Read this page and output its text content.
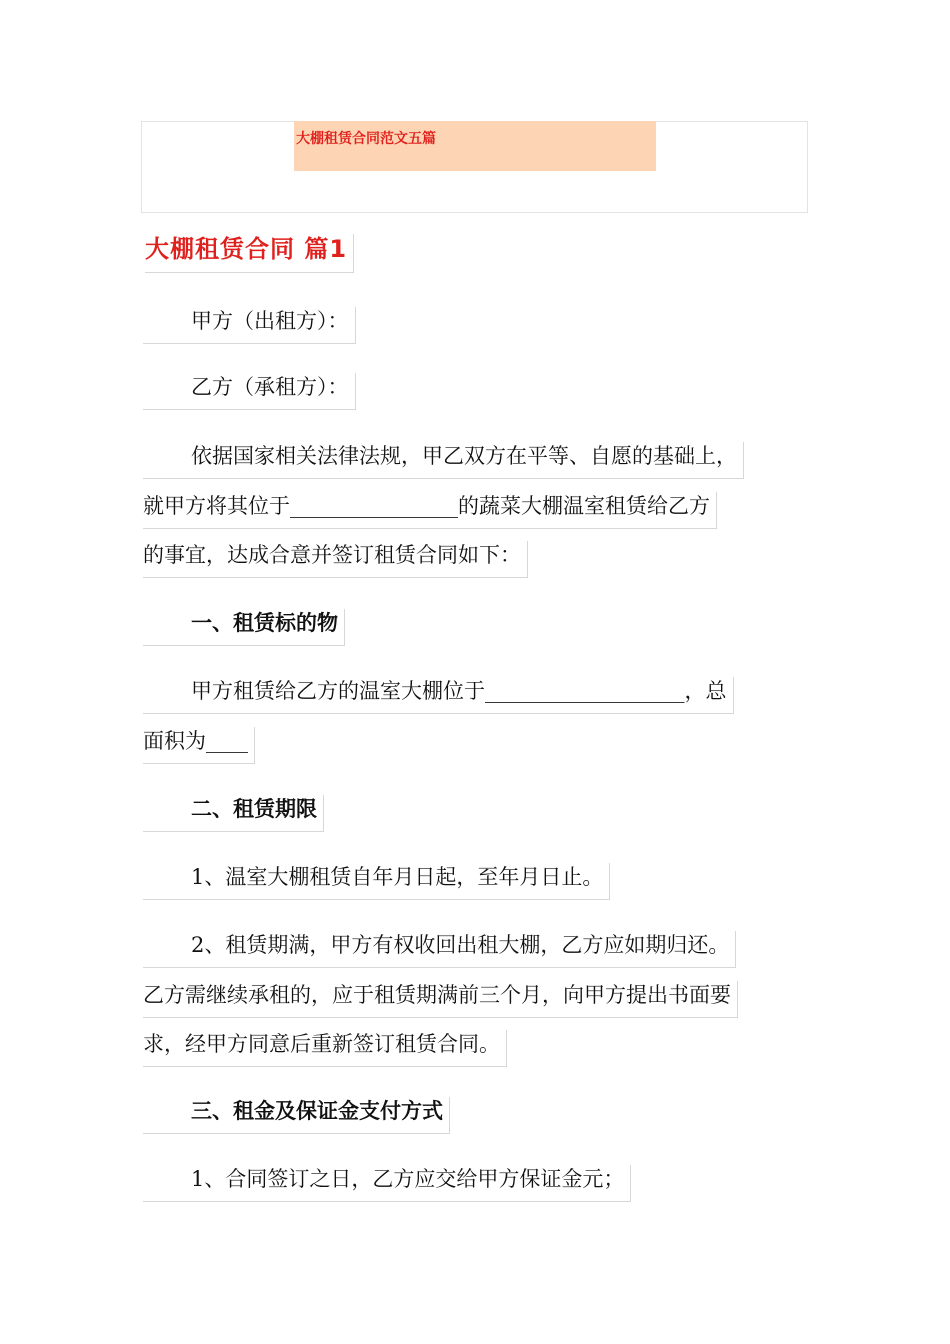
大棚租赁合同范文五篇
大棚租赁合同 篇1
甲方（出租方）：
乙方（承租方）：
依据国家相关法律法规，甲乙双方在平等、自愿的基础上，
就甲方将其位于________________的蔬菜大棚温室租赁给乙方
的事宜，达成合意并签订租赁合同如下：
一、租赁标的物
甲方租赁给乙方的温室大棚位于___________________，总
面积为____
二、租赁期限
1、温室大棚租赁自年月日起，至年月日止。
2、租赁期满，甲方有权收回出租大棚，乙方应如期归还。
乙方需继续承租的，应于租赁期满前三个月，向甲方提出书面要
求，经甲方同意后重新签订租赁合同。
三、租金及保证金支付方式
1、合同签订之日，乙方应交给甲方保证金元；
